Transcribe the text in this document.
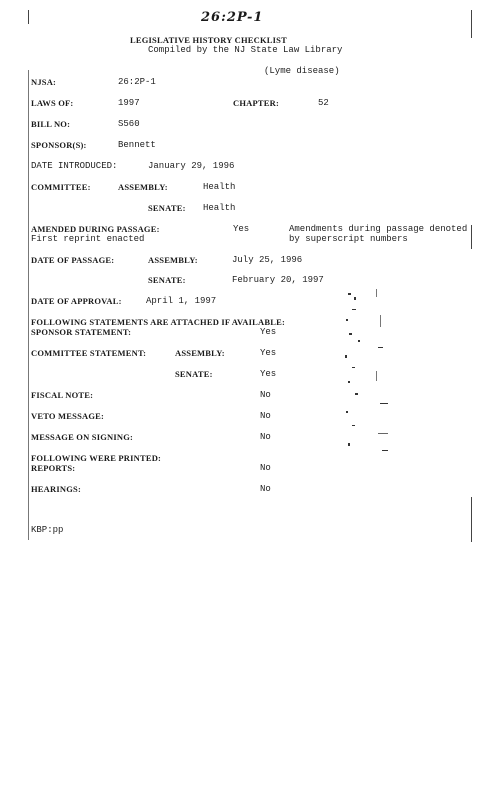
26:2P-1
LEGISLATIVE HISTORY CHECKLIST
Compiled by the NJ State Law Library
(Lyme disease)
NJSA:	26:2P-1
LAWS OF:	1997	CHAPTER:	52
BILL NO:	S560
SPONSOR(S):	Bennett
DATE INTRODUCED:	January 29, 1996
COMMITTEE:	ASSEMBLY:	Health
SENATE: Health
AMENDED DURING PASSAGE:	Yes	Amendments during passage denoted
First reprint enacted	by superscript numbers
DATE OF PASSAGE:	ASSEMBLY:	July 25, 1996
SENATE:	February 20, 1997
DATE OF APPROVAL:	April 1, 1997
FOLLOWING STATEMENTS ARE ATTACHED IF AVAILABLE:
SPONSOR STATEMENT:	Yes
COMMITTEE STATEMENT:	ASSEMBLY:	Yes
SENATE:	Yes
FISCAL NOTE:	No
VETO MESSAGE:	No
MESSAGE ON SIGNING:	No
FOLLOWING WERE PRINTED:
REPORTS:	No
HEARINGS:	No
KBP:pp
